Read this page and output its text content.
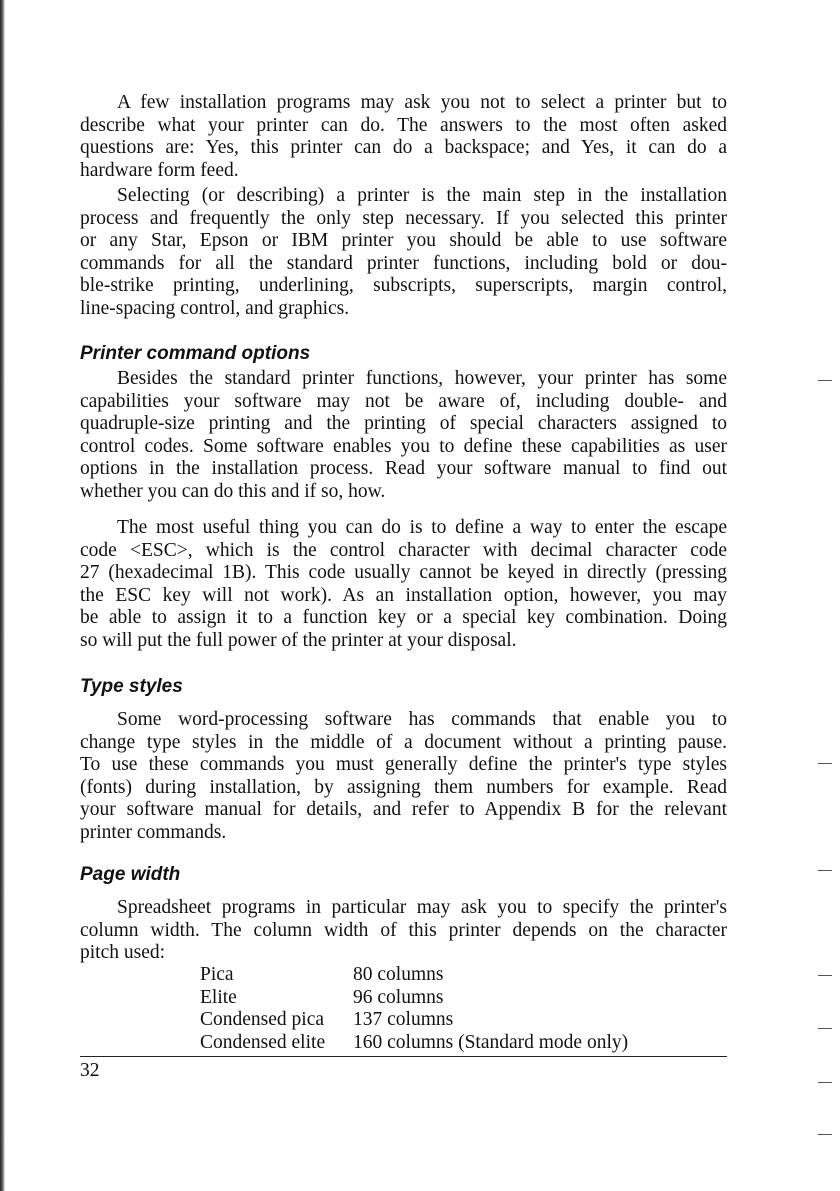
A few installation programs may ask you not to select a printer but to
describe what your printer can do. The answers to the most often asked
questions are: Yes, this printer can do a backspace; and Yes, it can do a
hardware form feed.
Selecting (or describing) a printer is the main step in the installation
process and frequently the only step necessary. If you selected this printer
or any Star, Epson or IBM printer you should be able to use software
commands for all the standard printer functions, including bold or dou-
ble-strike printing, underlining, subscripts, superscripts, margin control,
line-spacing control, and graphics.
Printer command options
Besides the standard printer functions, however, your printer has some
capabilities your software may not be aware of, including double- and
quadruple-size printing and the printing of special characters assigned to
control codes. Some software enables you to define these capabilities as user
options in the installation process. Read your software manual to find out
whether you can do this and if so, how.
The most useful thing you can do is to define a way to enter the escape
code <ESC>, which is the control character with decimal character code
27 (hexadecimal 1B). This code usually cannot be keyed in directly (pressing
the ESC key will not work). As an installation option, however, you may
be able to assign it to a function key or a special key combination. Doing
so will put the full power of the printer at your disposal.
Type styles
Some word-processing software has commands that enable you to
change type styles in the middle of a document without a printing pause.
To use these commands you must generally define the printer's type styles
(fonts) during installation, by assigning them numbers for example. Read
your software manual for details, and refer to Appendix B for the relevant
printer commands.
Page width
Spreadsheet programs in particular may ask you to specify the printer's
column width. The column width of this printer depends on the character
pitch used:
Pica	80 columns
Elite	96 columns
Condensed pica	137 columns
Condensed elite	160 columns (Standard mode only)
32
